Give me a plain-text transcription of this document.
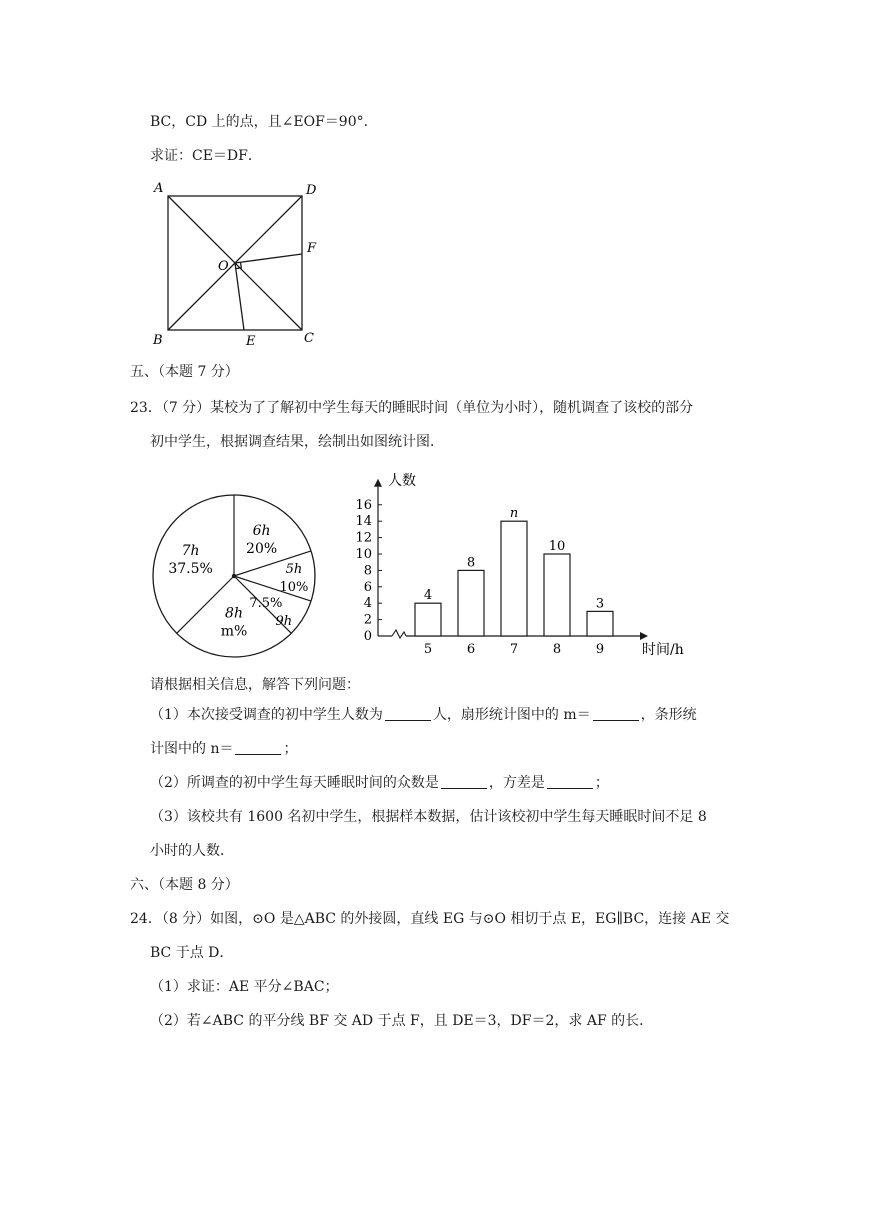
BC，CD 上的点，且∠EOF＝90°．
求证：CE＝DF．
A	D
F
O
B	E	C
五、（本题 7 分）
23．（7 分）某校为了了解初中学生每天的睡眠时间（单位为小时），随机调查了该校的部分
初中学生，根据调查结果，绘制出如图统计图．
6h
20%
5h
10%
7.5%
9h
8h
m%
7h
37.5%
人数
时间/h
0
2
4
6
8
10
12
14
16
4
5
8
6
n
7
10
8
3
9
请根据相关信息，解答下列问题：
（1）本次接受调查的初中学生人数为	人，扇形统计图中的 m＝	，条形统
计图中的 n＝	；
（2）所调查的初中学生每天睡眠时间的众数是	，方差是	；
（3）该校共有 1600 名初中学生，根据样本数据，估计该校初中学生每天睡眠时间不足 8
小时的人数．
六、（本题 8 分）
24．（8 分）如图，⊙O 是△ABC 的外接圆，直线 EG 与⊙O 相切于点 E，EG∥BC，连接 AE 交
BC 于点 D．
（1）求证：AE 平分∠BAC；
（2）若∠ABC 的平分线 BF 交 AD 于点 F，且 DE＝3，DF＝2，求 AF 的长．
